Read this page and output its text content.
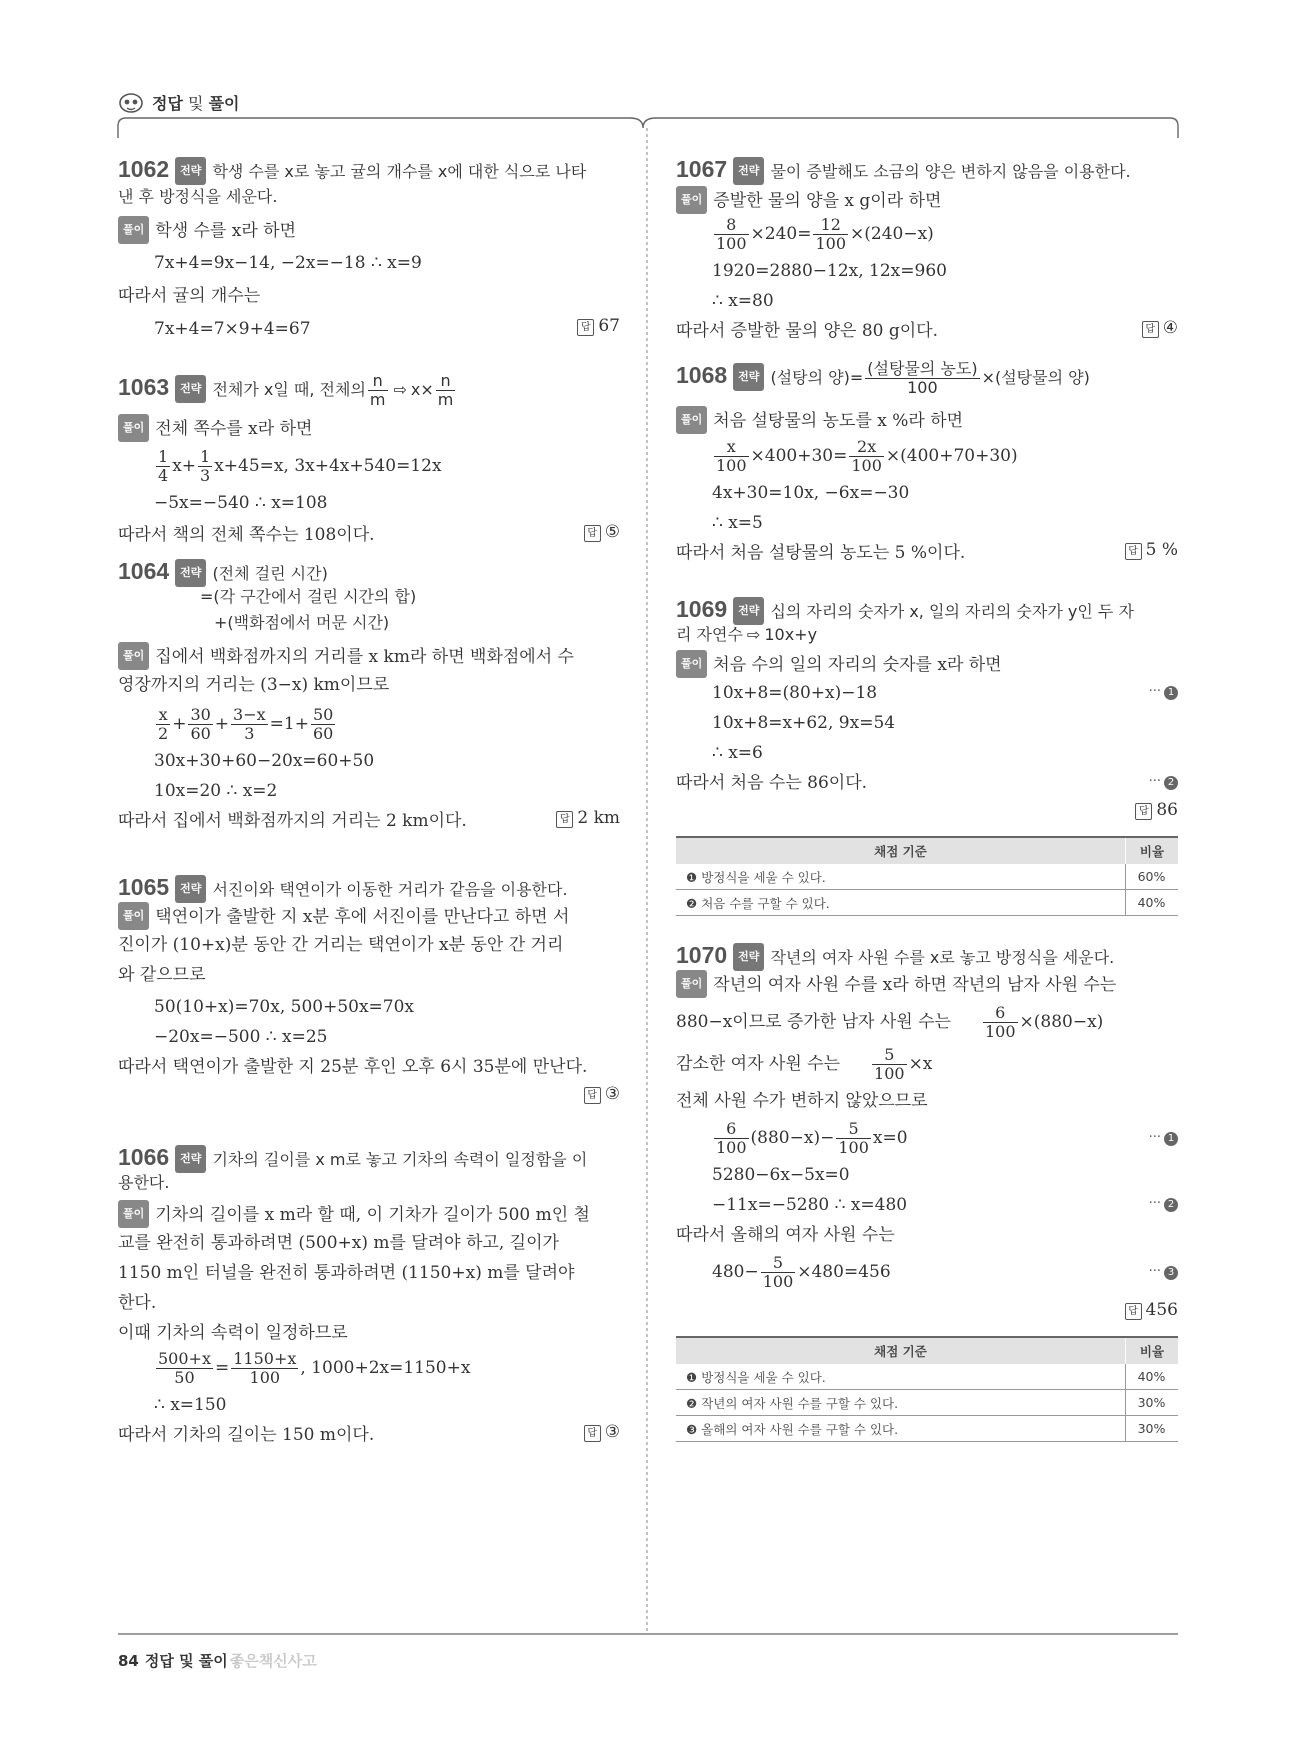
정답 및 풀이
1062 전략 학생 수를 x로 놓고 귤의 개수를 x에 대한 식으로 나타
낸 후 방정식을 세운다.
풀이 학생 수를 x라 하면
7x+4=9x−14, −2x=−18 ∴ x=9
따라서 귤의 개수는
7x+4=7×9+4=67	답 67
1063 전략 전체가 x일 때, 전체의 $\frac{n}{m}$ ⇨ $x\times \frac{n}{m}$
풀이 전체 쪽수를 x라 하면
$\frac{1}{4} x+ \frac{1}{3} x+45=x$, 3x+4x+540=12x
−5x=−540 ∴ x=108
따라서 책의 전체 쪽수는 108이다.	답 ⑤
1064 전략 (전체 걸린 시간)
=(각 구간에서 걸린 시간의 합)
+(백화점에서 머문 시간)
풀이 집에서 백화점까지의 거리를 x km라 하면 백화점에서 수
영장까지의 거리는 (3−x) km이므로
$\frac{x}{2} + \frac{30}{60} + \frac{3-x}{3} =1+ \frac{50}{60}$
30x+30+60−20x=60+50
10x=20 ∴ x=2
따라서 집에서 백화점까지의 거리는 2 km이다.	답 2 km
1065 전략 서진이와 택연이가 이동한 거리가 같음을 이용한다.
풀이 택연이가 출발한 지 x분 후에 서진이를 만난다고 하면 서
진이가 (10+x)분 동안 간 거리는 택연이가 x분 동안 간 거리
와 같으므로
50(10+x)=70x, 500+50x=70x
−20x=−500 ∴ x=25
따라서 택연이가 출발한 지 25분 후인 오후 6시 35분에 만난다.
답 ③
1066 전략 기차의 길이를 x m로 놓고 기차의 속력이 일정함을 이
용한다.
풀이 기차의 길이를 x m라 할 때, 이 기차가 길이가 500 m인 철
교를 완전히 통과하려면 (500+x) m를 달려야 하고, 길이가
1150 m인 터널을 완전히 통과하려면 (1150+x) m를 달려야
한다.
이때 기차의 속력이 일정하므로
$\frac{500+x}{50} = \frac{1150+x}{100}$ , 1000+2x=1150+x
∴ x=150
따라서 기차의 길이는 150 m이다.	답 ③
1067 전략 물이 증발해도 소금의 양은 변하지 않음을 이용한다.
풀이 증발한 물의 양을 x g이라 하면
$\frac{8}{100} \times 240= \frac{12}{100} \times(240-x)$
1920=2880−12x, 12x=960
∴ x=80
따라서 증발한 물의 양은 80 g이다.	답 ④
1068 전략 (설탕의 양)= $\frac{\text{(설탕물의 농도)}}{100}$ ×(설탕물의 양)
풀이 처음 설탕물의 농도를 x %라 하면
$\frac{x}{100} \times 400+30= \frac{2x}{100} \times(400+70+30)$
4x+30=10x, −6x=−30
∴ x=5
따라서 처음 설탕물의 농도는 5 %이다.	답 5 %
1069 전략 십의 자리의 숫자가 x, 일의 자리의 숫자가 y인 두 자
리 자연수 ⇨ 10x+y
풀이 처음 수의 일의 자리의 숫자를 x라 하면
10x+8=(80+x)−18	··· 1
10x+8=x+62, 9x=54
∴ x=6
따라서 처음 수는 86이다.	··· 2
답 86
채점 기준	비율
❶ 방정식을 세울 수 있다.	60%
❷ 처음 수를 구할 수 있다.	40%
1070 전략 작년의 여자 사원 수를 x로 놓고 방정식을 세운다.
풀이 작년의 여자 사원 수를 x라 하면 작년의 남자 사원 수는
880−x이므로 증가한 남자 사원 수는 $\frac{6}{100} \times(880-x)$
감소한 여자 사원 수는 $\frac{5}{100} \times x$
전체 사원 수가 변하지 않았으므로
$\frac{6}{100} (880-x)- \frac{5}{100} x=0$	··· 1
5280−6x−5x=0
−11x=−5280 ∴ x=480	··· 2
따라서 올해의 여자 사원 수는
$480- \frac{5}{100} \times 480=456$	··· 3
답 456
채점 기준	비율
❶ 방정식을 세울 수 있다.	40%
❷ 작년의 여자 사원 수를 구할 수 있다.	30%
❸ 올해의 여자 사원 수를 구할 수 있다.	30%
84 정답 및 풀이 좋은책신사고
